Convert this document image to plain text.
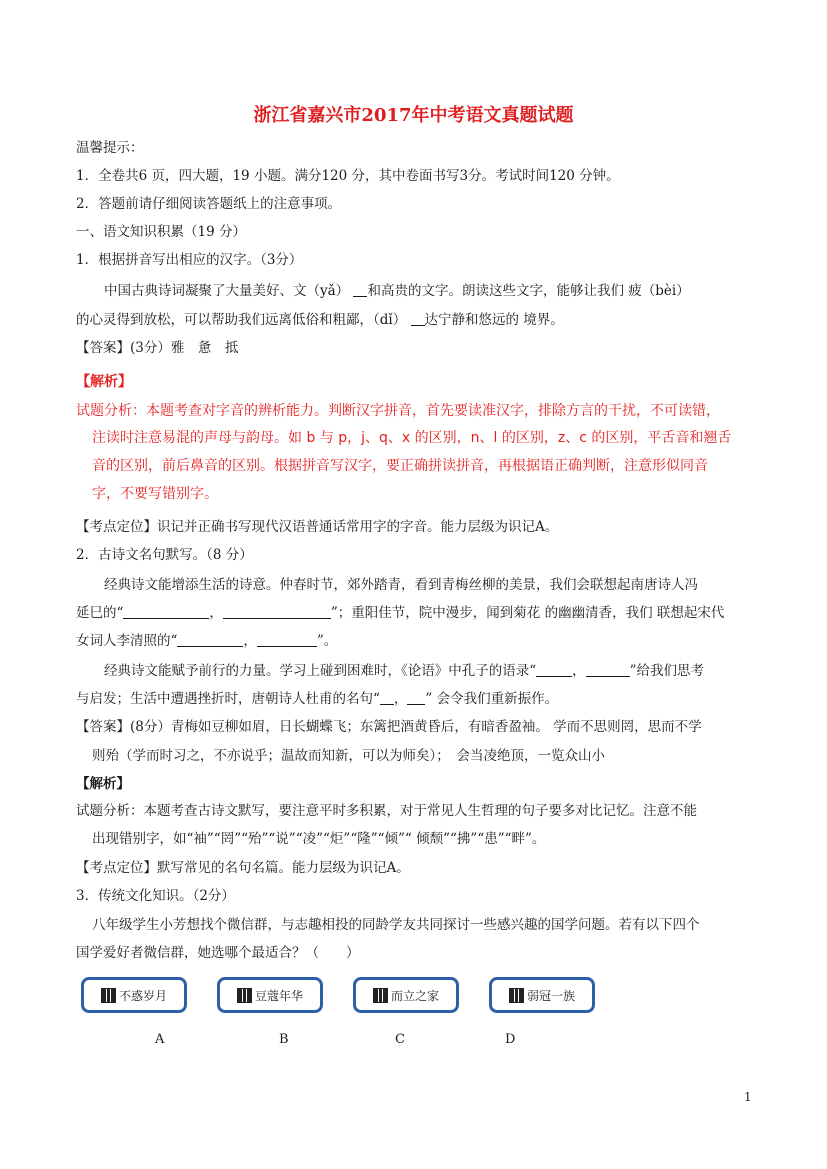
浙江省嘉兴市2017年中考语文真题试题
温馨提示：
1．全卷共6 页，四大题，19 小题。满分120 分，其中卷面书写3分。考试时间120 分钟。
2．答题前请仔细阅读答题纸上的注意事项。
一、语文知识积累（19 分）
1．根据拼音写出相应的汉字。（3分）
中国古典诗词凝聚了大量美好、文（yǎ） 和高贵的文字。朗读这些文字，能够让我们 疲（bèi）
的心灵得到放松，可以帮助我们远离低俗和粗鄙，（dǐ） 达宁静和悠远的 境界。
【答案】(3分）雅　惫　抵
【解析】
试题分析：本题考查对字音的辨析能力。判断汉字拼音，首先要读准汉字，排除方言的干扰，不可读错，
注读时注意易混的声母与韵母。如 b 与 p，j、q、x 的区别，n、l 的区别，z、c 的区别，平舌音和翘舌
音的区别，前后鼻音的区别。根据拼音写汉字，要正确拼读拼音，再根据语正确判断，注意形似同音
字，不要写错别字。
【考点定位】识记并正确书写现代汉语普通话常用字的字音。能力层级为识记A。
2．古诗文名句默写。（8 分）
经典诗文能增添生活的诗意。仲春时节，郊外踏青，看到青梅丝柳的美景，我们会联想起南唐诗人冯
延巳的“	，	”；重阳佳节，院中漫步，闻到菊花 的幽幽清香，我们 联想起宋代
女词人李清照的“	，	”。
经典诗文能赋予前行的力量。学习上碰到困难时，《论语》中孔子的语录“	，	”给我们思考
与启发；生活中遭遇挫折时，唐朝诗人杜甫的名句“ ， ” 会令我们重新振作。
【答案】(8分）青梅如豆柳如眉，日长蝴蝶飞；东篱把酒黄昏后，有暗香盈袖。 学而不思则罔，思而不学
则殆（学而时习之，不亦说乎；温故而知新，可以为师矣）；　会当凌绝顶，一览众山小
【解析】
试题分析：本题考查古诗文默写，要注意平时多积累，对于常见人生哲理的句子要多对比记忆。注意不能
出现错别字，如“袖”“罔”“殆”“说”“凌”“炬”“隆”“倾”“ 倾颓”“拂”“患”“畔”。
【考点定位】默写常见的名句名篇。能力层级为识记A。
3．传统文化知识。（2分）
八年级学生小芳想找个微信群，与志趣相投的同龄学友共同探讨一些感兴趣的国学问题。若有以下四个
国学爱好者微信群，她选哪个最适合？（　　）
不惑岁月	豆蔻年华	而立之家	弱冠一族
A	B	C	D
1
